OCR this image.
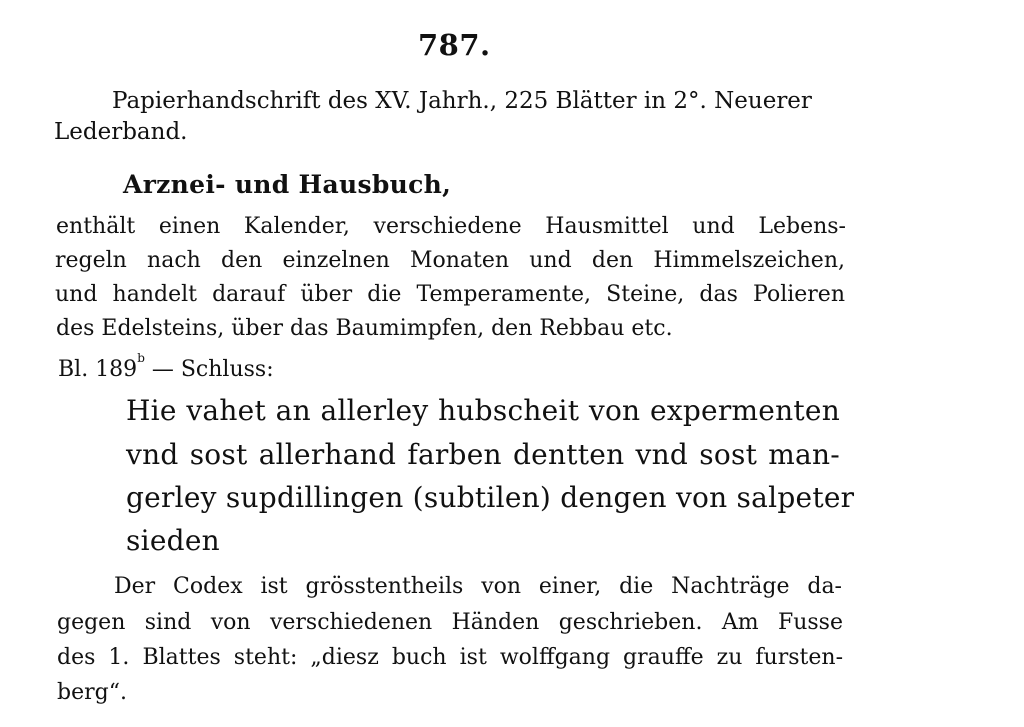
787.
Papierhandschrift des XV. Jahrh., 225 Blätter in 2°. Neuerer
Lederband.
Arznei- und Hausbuch,
enthält einen Kalender, verschiedene Hausmittel und Lebens-
regeln nach den einzelnen Monaten und den Himmelszeichen,
und handelt darauf über die Temperamente, Steine, das Polieren
des Edelsteins, über das Baumimpfen, den Rebbau etc.
Bl. 189$^b$ — Schluss:
Hie vahet an allerley hubscheit von expermenten
vnd sost allerhand farben dentten vnd sost man-
gerley supdillingen (subtilen) dengen von salpeter
sieden
Der Codex ist grösstentheils von einer, die Nachträge da-
gegen sind von verschiedenen Händen geschrieben. Am Fusse
des 1. Blattes steht: „diesz buch ist wolffgang grauffe zu fursten-
berg“.
